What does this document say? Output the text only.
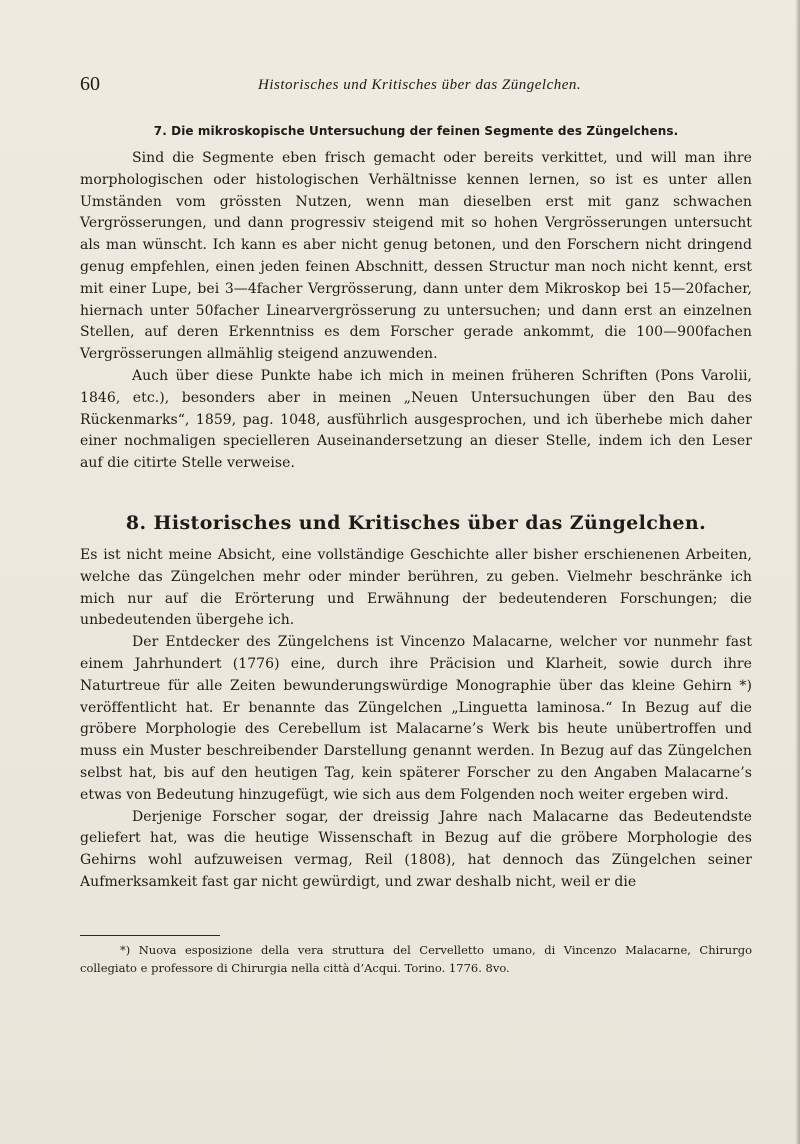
60	Historisches und Kritisches über das Züngelchen.
7. Die mikroskopische Untersuchung der feinen Segmente des Züngelchens.

Sind die Segmente eben frisch gemacht oder bereits verkittet, und will man ihre morphologischen oder histologischen Verhältnisse kennen lernen, so ist es unter allen Umständen vom grössten Nutzen, wenn man dieselben erst mit ganz schwachen Vergrösserungen, und dann progressiv steigend mit so hohen Vergrösserungen untersucht als man wünscht. Ich kann es aber nicht genug betonen, und den Forschern nicht dringend genug empfehlen, einen jeden feinen Abschnitt, dessen Structur man noch nicht kennt, erst mit einer Lupe, bei 3—4facher Vergrösserung, dann unter dem Mikroskop bei 15—20facher, hiernach unter 50facher Linearvergrösserung zu untersuchen; und dann erst an einzelnen Stellen, auf deren Erkenntniss es dem Forscher gerade ankommt, die 100—900fachen Vergrösserungen allmählig steigend anzuwenden.

Auch über diese Punkte habe ich mich in meinen früheren Schriften (Pons Varolii, 1846, etc.), besonders aber in meinen „Neuen Untersuchungen über den Bau des Rückenmarks“, 1859, pag. 1048, ausführlich ausgesprochen, und ich überhebe mich daher einer nochmaligen specielleren Auseinandersetzung an dieser Stelle, indem ich den Leser auf die citirte Stelle verweise.

8. Historisches und Kritisches über das Züngelchen.

Es ist nicht meine Absicht, eine vollständige Geschichte aller bisher erschienenen Arbeiten, welche das Züngelchen mehr oder minder berühren, zu geben. Vielmehr beschränke ich mich nur auf die Erörterung und Erwähnung der bedeutenderen Forschungen; die unbedeutenden übergehe ich.

Der Entdecker des Züngelchens ist Vincenzo Malacarne, welcher vor nunmehr fast einem Jahrhundert (1776) eine, durch ihre Präcision und Klarheit, sowie durch ihre Naturtreue für alle Zeiten bewunderungswürdige Monographie über das kleine Gehirn *) veröffentlicht hat. Er benannte das Züngelchen „Linguetta laminosa.“ In Bezug auf die gröbere Morphologie des Cerebellum ist Malacarne’s Werk bis heute unübertroffen und muss ein Muster beschreibender Darstellung genannt werden. In Bezug auf das Züngelchen selbst hat, bis auf den heutigen Tag, kein späterer Forscher zu den Angaben Malacarne’s etwas von Bedeutung hinzugefügt, wie sich aus dem Folgenden noch weiter ergeben wird.

Derjenige Forscher sogar, der dreissig Jahre nach Malacarne das Bedeutendste geliefert hat, was die heutige Wissenschaft in Bezug auf die gröbere Morphologie des Gehirns wohl aufzuweisen vermag, Reil (1808), hat dennoch das Züngelchen seiner Aufmerksamkeit fast gar nicht gewürdigt, und zwar deshalb nicht, weil er die

*) Nuova esposizione della vera struttura del Cervelletto umano, di Vincenzo Malacarne, Chirurgo collegiato e professore di Chirurgia nella città d’Acqui. Torino. 1776. 8vo.
